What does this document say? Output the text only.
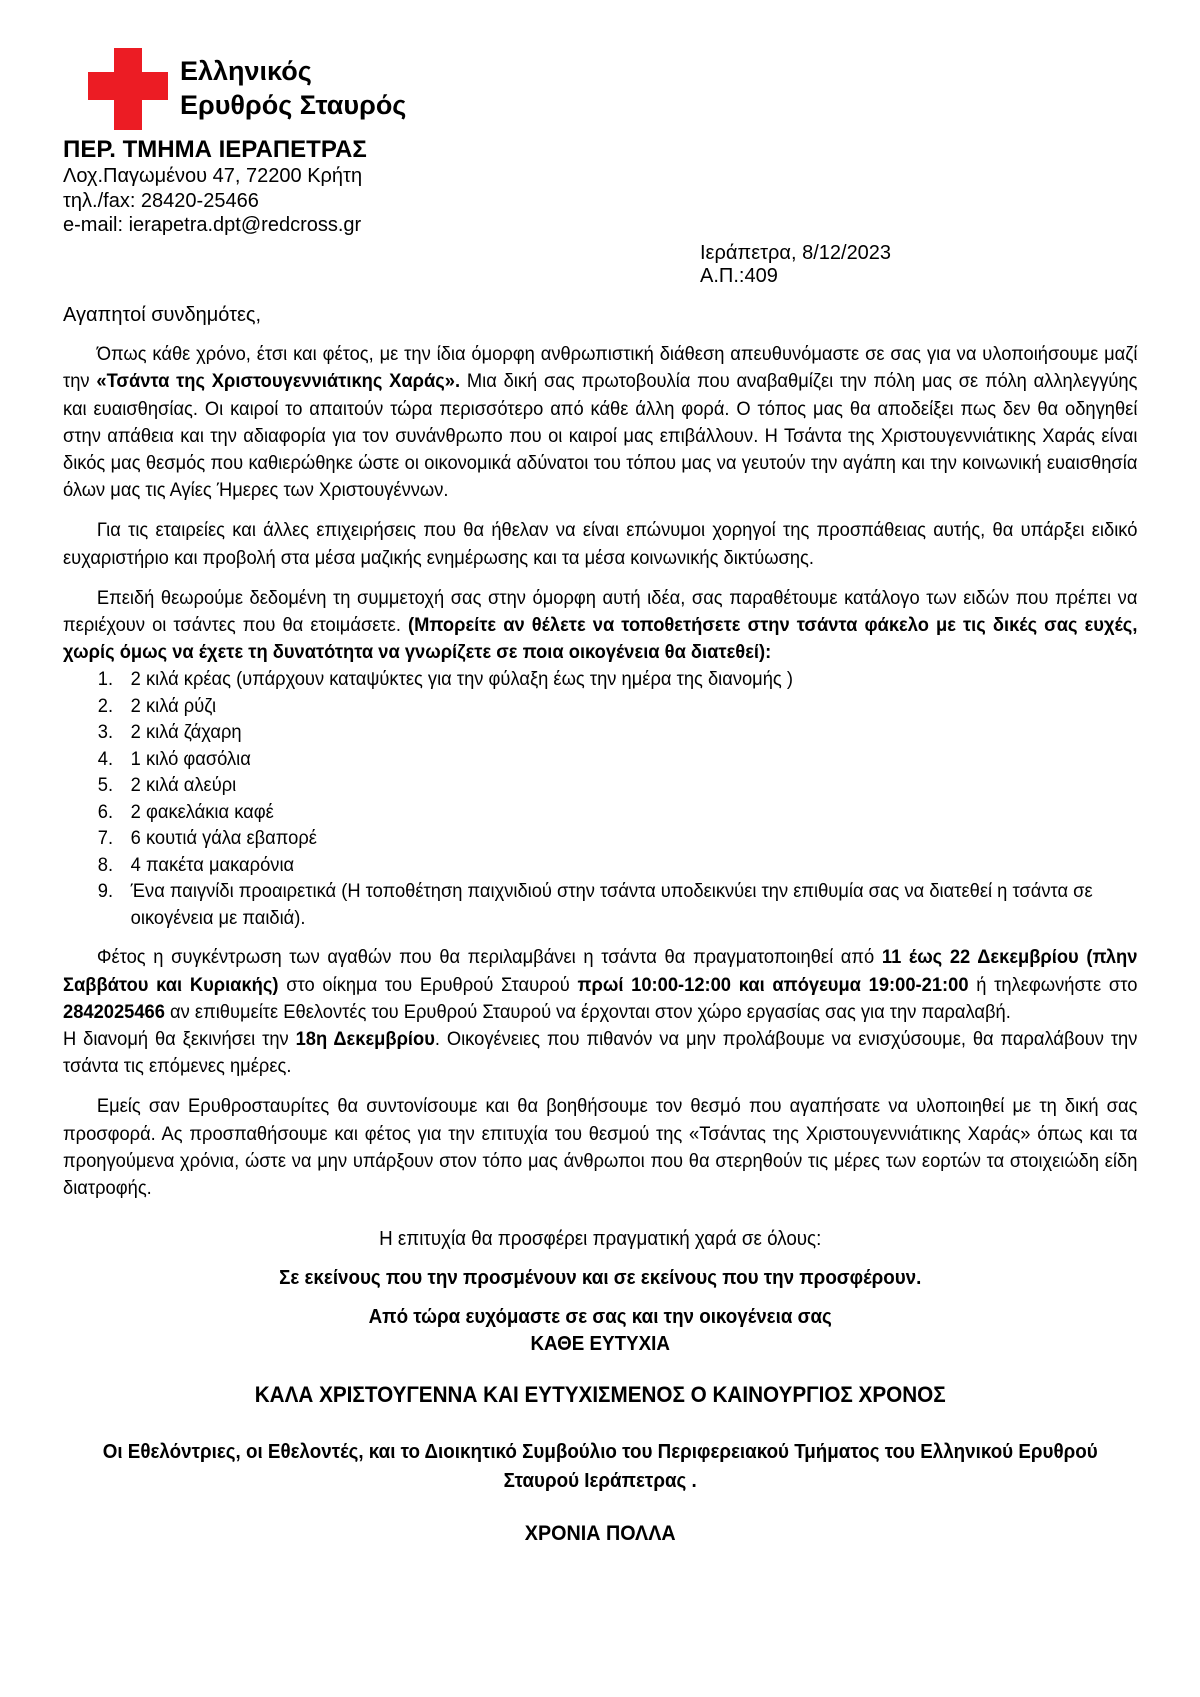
Ελληνικός
Ερυθρός Σταυρός
ΠΕΡ. ΤΜΗΜΑ ΙΕΡΑΠΕΤΡΑΣ
Λοχ.Παγωμένου 47, 72200 Κρήτη
τηλ./fax: 28420-25466
e-mail: ierapetra.dpt@redcross.gr
Ιεράπετρα, 8/12/2023
Α.Π.:409
Αγαπητοί συνδημότες,

Όπως κάθε χρόνο, έτσι και φέτος, με την ίδια όμορφη ανθρωπιστική διάθεση απευθυνόμαστε σε σας για να υλοποιήσουμε μαζί την «Τσάντα της Χριστουγεννιάτικης Χαράς». Μια δική σας πρωτοβουλία που αναβαθμίζει την πόλη μας σε πόλη αλληλεγγύης και ευαισθησίας. Οι καιροί το απαιτούν τώρα περισσότερο από κάθε άλλη φορά. Ο τόπος μας θα αποδείξει πως δεν θα οδηγηθεί στην απάθεια και την αδιαφορία για τον συνάνθρωπο που οι καιροί μας επιβάλλουν. Η Τσάντα της Χριστουγεννιάτικης Χαράς είναι δικός μας θεσμός που καθιερώθηκε ώστε οι οικονομικά αδύνατοι του τόπου μας να γευτούν την αγάπη και την κοινωνική ευαισθησία όλων μας τις Αγίες Ήμερες των Χριστουγέννων.

Για τις εταιρείες και άλλες επιχειρήσεις που θα ήθελαν να είναι επώνυμοι χορηγοί της προσπάθειας αυτής, θα υπάρξει ειδικό ευχαριστήριο και προβολή στα μέσα μαζικής ενημέρωσης και τα μέσα κοινωνικής δικτύωσης.

Επειδή θεωρούμε δεδομένη τη συμμετοχή σας στην όμορφη αυτή ιδέα, σας παραθέτουμε κατάλογο των ειδών που πρέπει να περιέχουν οι τσάντες που θα ετοιμάσετε. (Μπορείτε αν θέλετε να τοποθετήσετε στην τσάντα φάκελο με τις δικές σας ευχές, χωρίς όμως να έχετε τη δυνατότητα να γνωρίζετε σε ποια οικογένεια θα διατεθεί):

1. 2 κιλά κρέας (υπάρχουν καταψύκτες για την φύλαξη έως την ημέρα της διανομής )
2. 2 κιλά ρύζι
3. 2 κιλά ζάχαρη
4. 1 κιλό φασόλια
5. 2 κιλά αλεύρι
6. 2 φακελάκια καφέ
7. 6 κουτιά γάλα εβαπορέ
8. 4 πακέτα μακαρόνια
9. Ένα παιγνίδι προαιρετικά (Η τοποθέτηση παιχνιδιού στην τσάντα υποδεικνύει την επιθυμία σας να διατεθεί η τσάντα σε οικογένεια με παιδιά).

Φέτος η συγκέντρωση των αγαθών που θα περιλαμβάνει η τσάντα θα πραγματοποιηθεί από 11 έως 22 Δεκεμβρίου (πλην Σαββάτου και Κυριακής) στο οίκημα του Ερυθρού Σταυρού πρωί 10:00-12:00 και απόγευμα 19:00-21:00 ή τηλεφωνήστε στο 2842025466 αν επιθυμείτε Εθελοντές του Ερυθρού Σταυρού να έρχονται στον χώρο εργασίας σας για την παραλαβή.

Η διανομή θα ξεκινήσει την 18η Δεκεμβρίου. Οικογένειες που πιθανόν να μην προλάβουμε να ενισχύσουμε, θα παραλάβουν την τσάντα τις επόμενες ημέρες.

Εμείς σαν Ερυθροσταυρίτες θα συντονίσουμε και θα βοηθήσουμε τον θεσμό που αγαπήσατε να υλοποιηθεί με τη δική σας προσφορά. Ας προσπαθήσουμε και φέτος για την επιτυχία του θεσμού της «Τσάντας της Χριστουγεννιάτικης Χαράς» όπως και τα προηγούμενα χρόνια, ώστε να μην υπάρξουν στον τόπο μας άνθρωποι που θα στερηθούν τις μέρες των εορτών τα στοιχειώδη είδη διατροφής.

Η επιτυχία θα προσφέρει πραγματική χαρά σε όλους:
Σε εκείνους που την προσμένουν και σε εκείνους που την προσφέρουν.
Από τώρα ευχόμαστε σε σας και την οικογένεια σας
ΚΑΘΕ ΕΥΤΥΧΙΑ
ΚΑΛΑ ΧΡΙΣΤΟΥΓΕΝΝΑ ΚΑΙ ΕΥΤΥΧΙΣΜΕΝΟΣ Ο ΚΑΙΝΟΥΡΓΙΟΣ ΧΡΟΝΟΣ
Οι Εθελόντριες, οι Εθελοντές, και το Διοικητικό Συμβούλιο του Περιφερειακού Τμήματος του Ελληνικού Ερυθρού Σταυρού Ιεράπετρας .
ΧΡΟΝΙΑ ΠΟΛΛΑ
